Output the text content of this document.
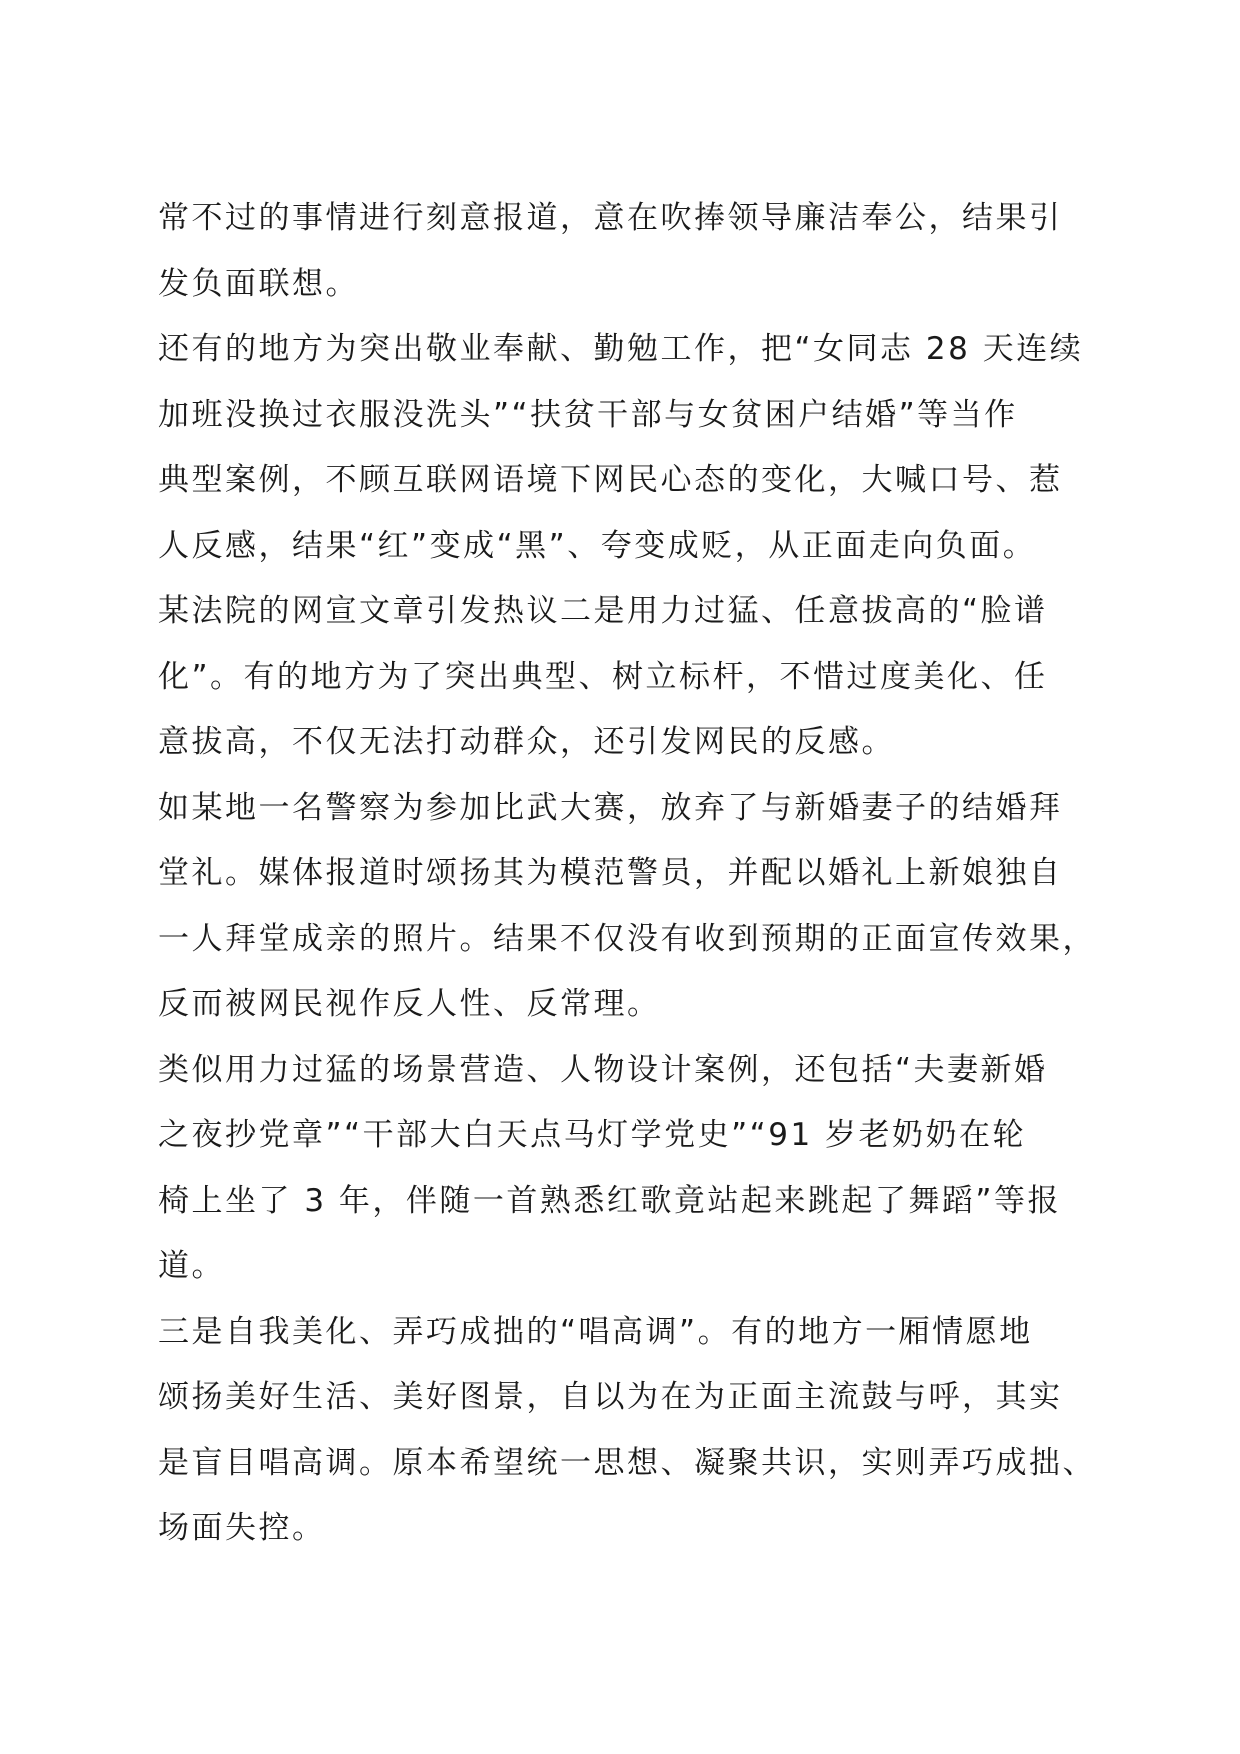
常不过的事情进行刻意报道，意在吹捧领导廉洁奉公，结果引
发负面联想。
还有的地方为突出敬业奉献、勤勉工作，把“女同志 28 天连续
加班没换过衣服没洗头”“扶贫干部与女贫困户结婚”等当作
典型案例，不顾互联网语境下网民心态的变化，大喊口号、惹
人反感，结果“红”变成“黑”、夸变成贬，从正面走向负面。
某法院的网宣文章引发热议二是用力过猛、任意拔高的“脸谱
化”。有的地方为了突出典型、树立标杆，不惜过度美化、任
意拔高，不仅无法打动群众，还引发网民的反感。
如某地一名警察为参加比武大赛，放弃了与新婚妻子的结婚拜
堂礼。媒体报道时颂扬其为模范警员，并配以婚礼上新娘独自
一人拜堂成亲的照片。结果不仅没有收到预期的正面宣传效果，
反而被网民视作反人性、反常理。
类似用力过猛的场景营造、人物设计案例，还包括“夫妻新婚
之夜抄党章”“干部大白天点马灯学党史”“91 岁老奶奶在轮
椅上坐了 3 年，伴随一首熟悉红歌竟站起来跳起了舞蹈”等报
道。
三是自我美化、弄巧成拙的“唱高调”。有的地方一厢情愿地
颂扬美好生活、美好图景，自以为在为正面主流鼓与呼，其实
是盲目唱高调。原本希望统一思想、凝聚共识，实则弄巧成拙、
场面失控。
